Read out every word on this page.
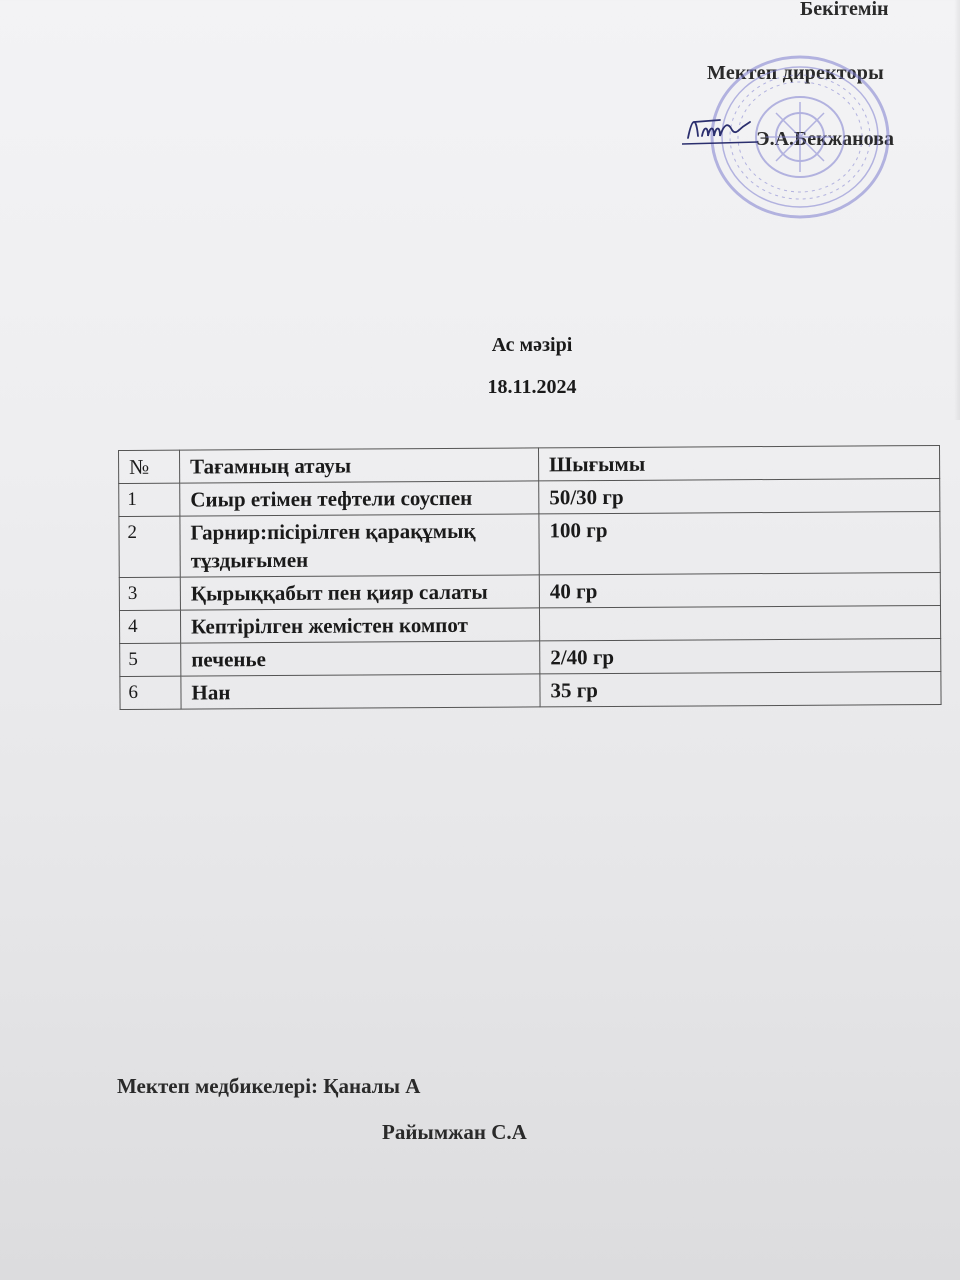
Бекітемін
Мектеп директоры
Э.А.Бекжанова
Ас мәзірі
18.11.2024
№	Тағамның атауы	Шығымы
1	Сиыр етімен тефтели соуспен	50/30 гр
2	Гарнир:пісірілген қарақұмық тұздығымен	100 гр
3	Қырыққабыт пен қияр салаты	40 гр
4	Кептірілген жемістен компот	
5	печенье	2/40 гр
6	Нан	35 гр
Мектеп медбикелері: Қаналы А
Райымжан С.А
